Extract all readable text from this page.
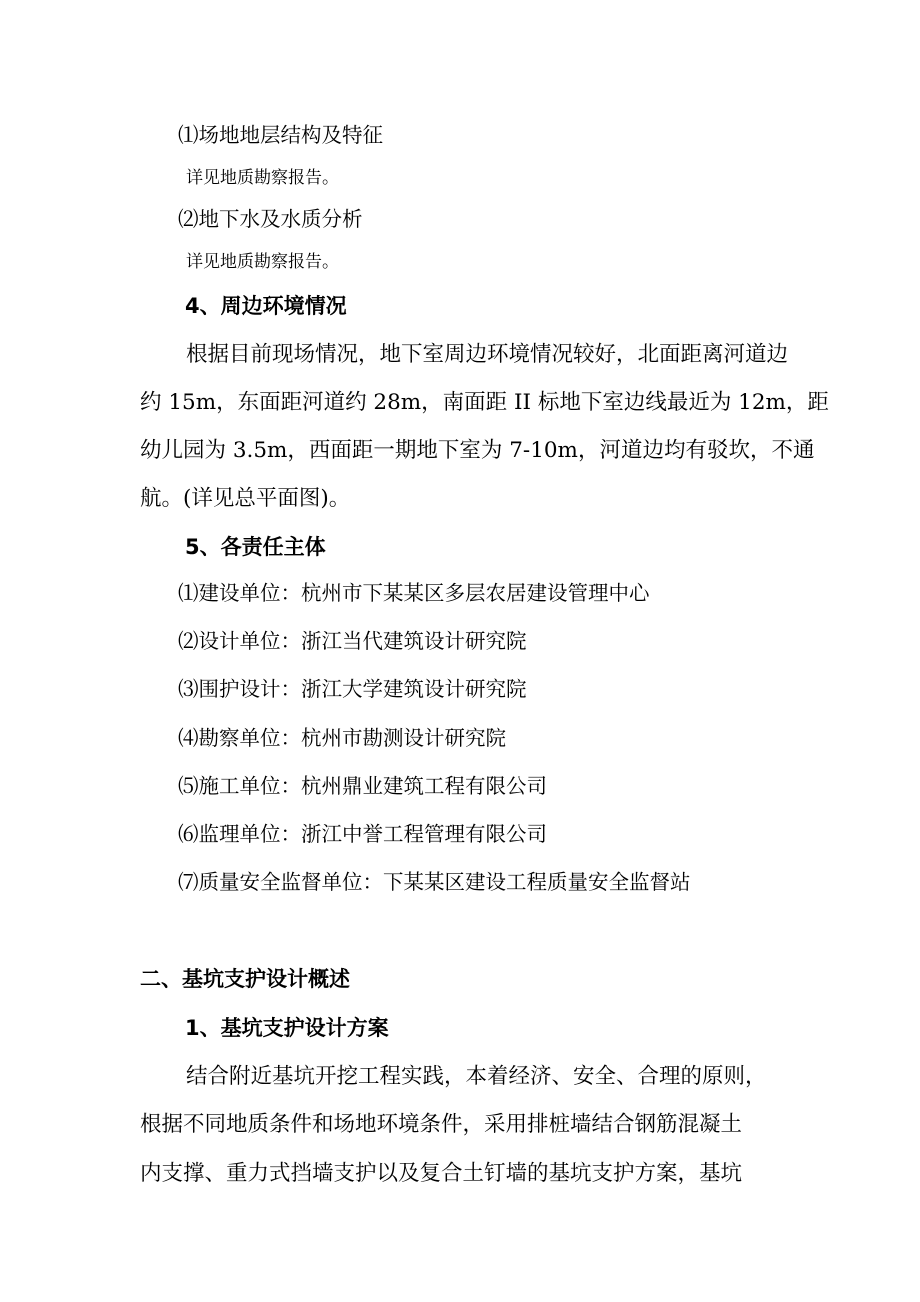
⑴场地地层结构及特征
详见地质勘察报告。
⑵地下水及水质分析
详见地质勘察报告。
4、周边环境情况
根据目前现场情况，地下室周边环境情况较好，北面距离河道边
约 15m，东面距河道约 28m，南面距 II 标地下室边线最近为 12m，距
幼儿园为 3.5m，西面距一期地下室为 7-10m，河道边均有驳坎，不通
航。(详见总平面图)。
5、各责任主体
⑴建设单位：杭州市下某某区多层农居建设管理中心
⑵设计单位：浙江当代建筑设计研究院
⑶围护设计：浙江大学建筑设计研究院
⑷勘察单位：杭州市勘测设计研究院
⑸施工单位：杭州鼎业建筑工程有限公司
⑹监理单位：浙江中誉工程管理有限公司
⑺质量安全监督单位：下某某区建设工程质量安全监督站
二、基坑支护设计概述
1、基坑支护设计方案
结合附近基坑开挖工程实践，本着经济、安全、合理的原则，
根据不同地质条件和场地环境条件，采用排桩墙结合钢筋混凝土
内支撑、重力式挡墙支护以及复合土钉墙的基坑支护方案，基坑
